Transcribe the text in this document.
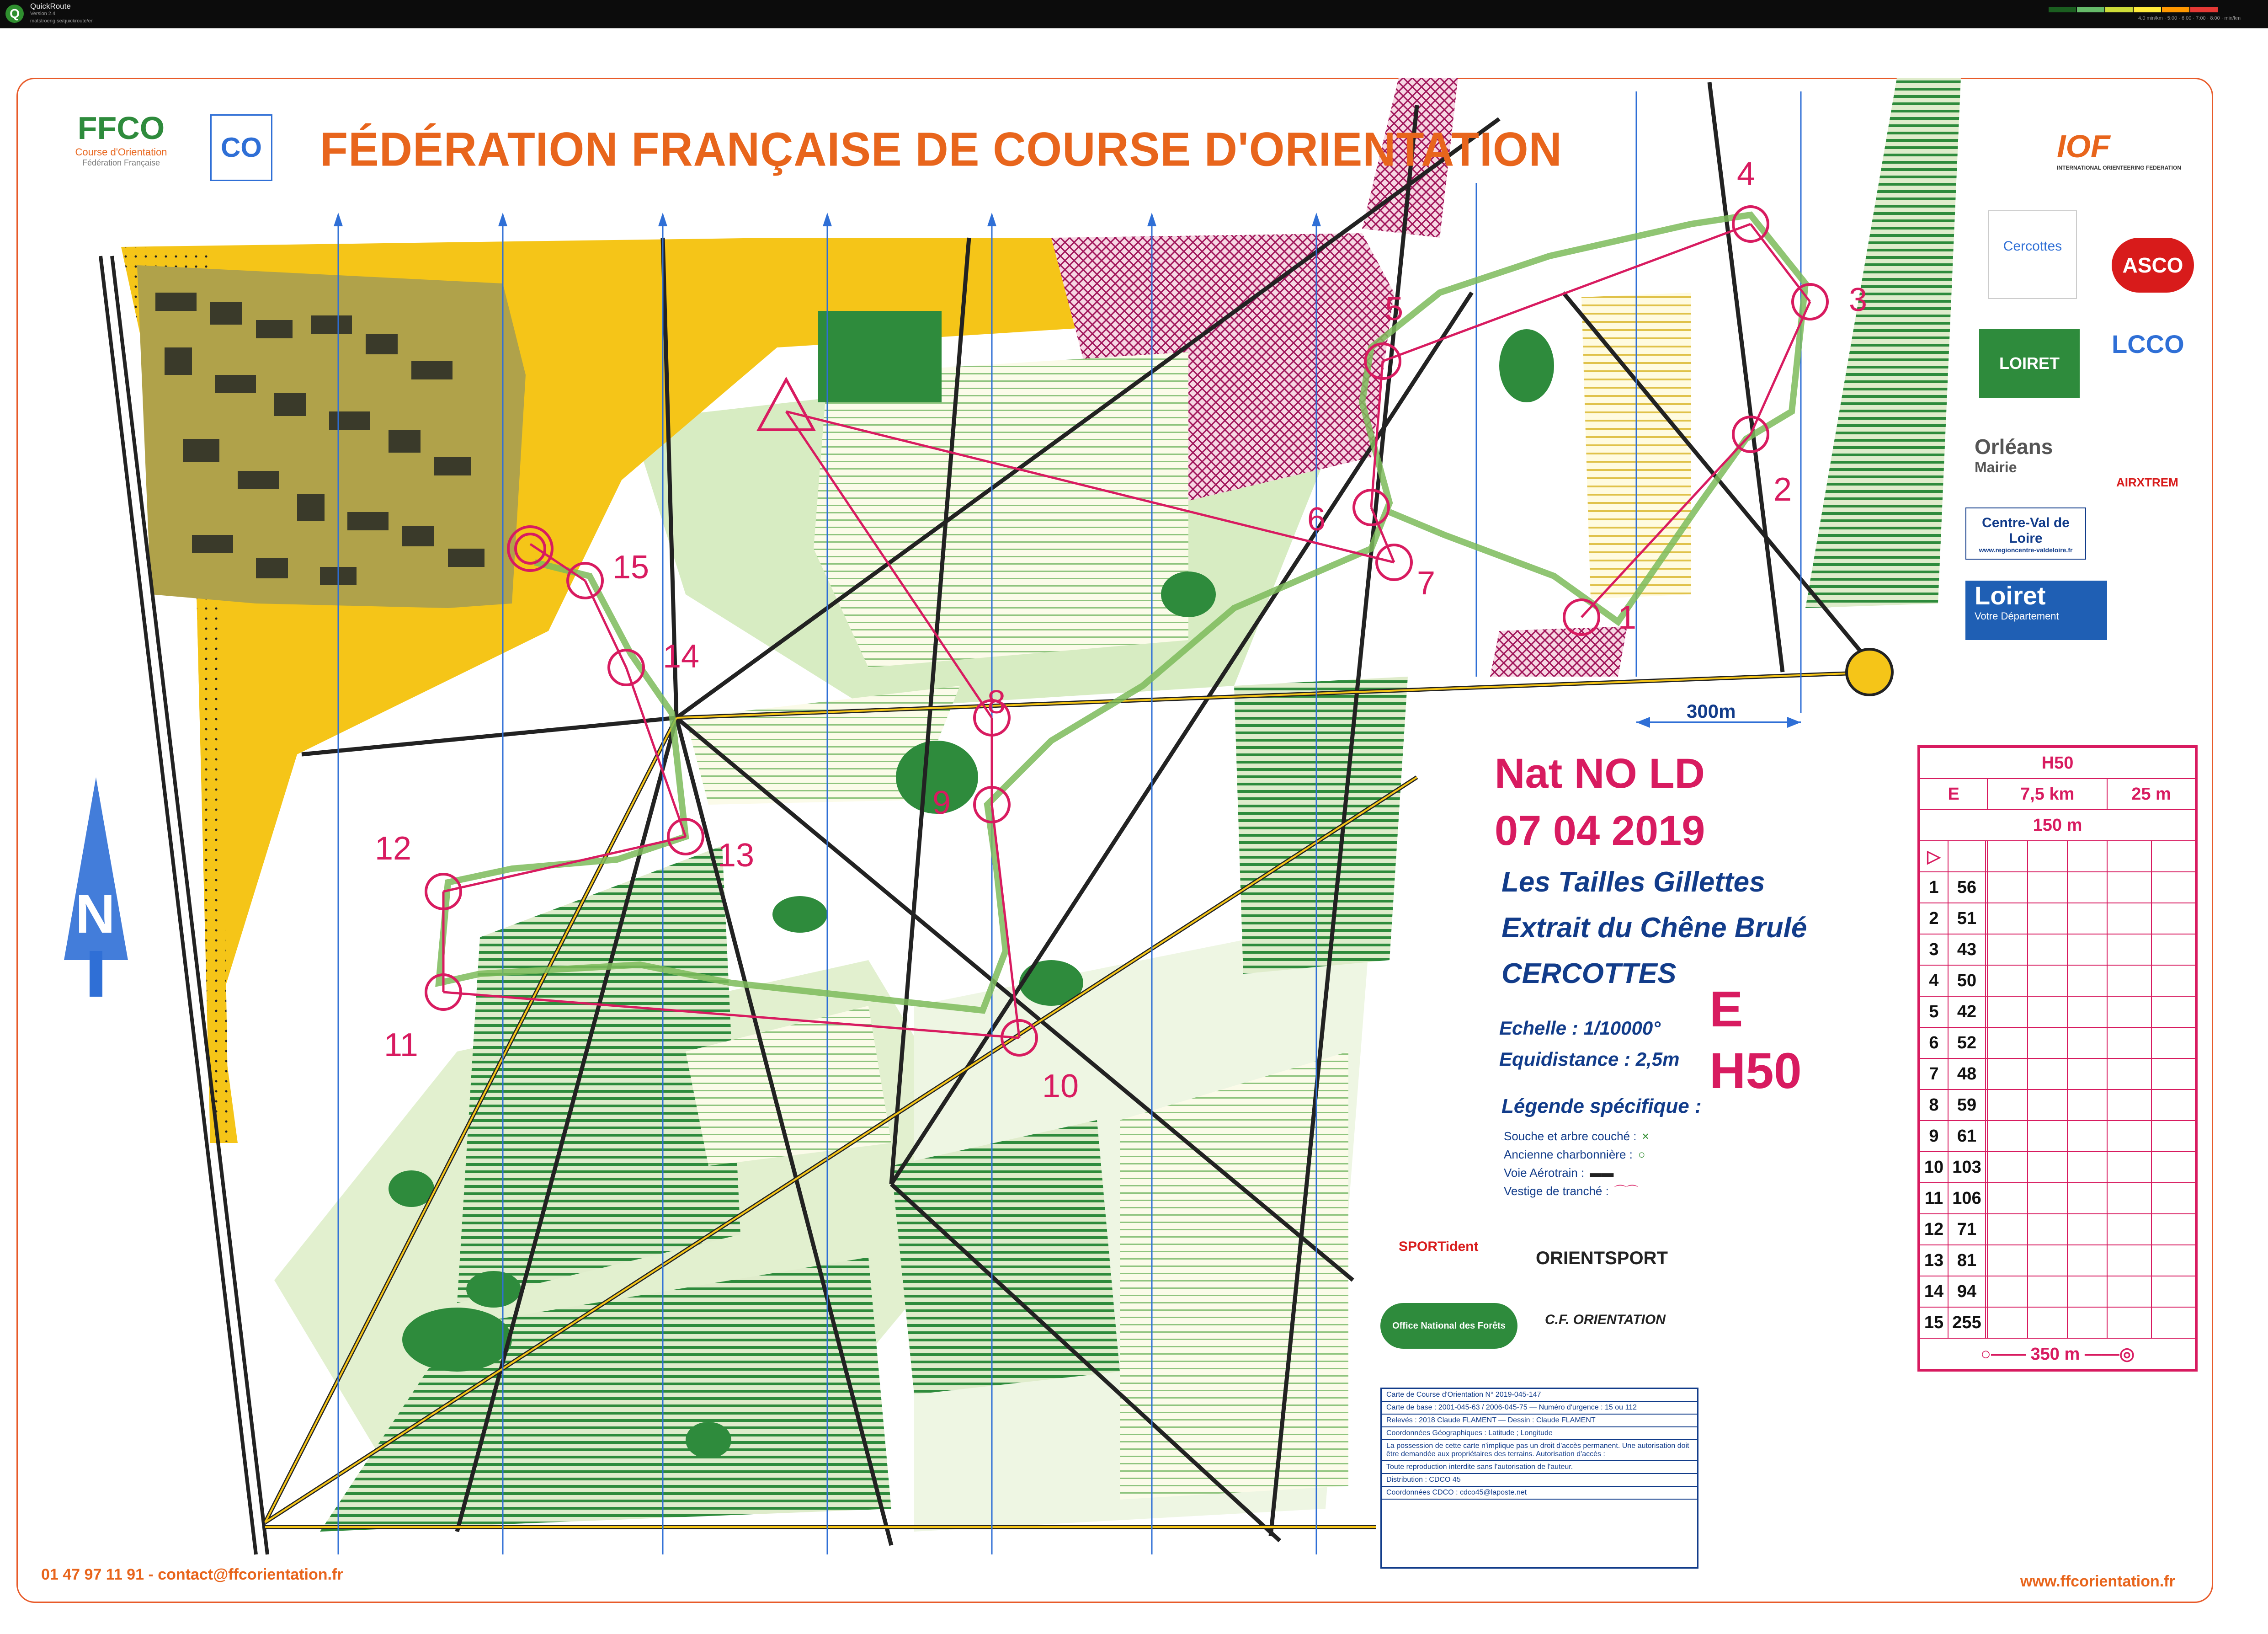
Q
QuickRoute
Version 2.4
matstroeng.se/quickroute/en	4.0 min/km · 5:00 · 6:00 · 7:00 · 8:00 · min/km
1
2
3
4
5
6
7
8
9
10
11
12	13
14
15
N
300m
FFCO
Course d'Orientation
Fédération Française	CO FÉDÉRATION FRANÇAISE DE COURSE D'ORIENTATION	IOF
INTERNATIONAL ORIENTEERING FEDERATION
Cercottes
ASCO
LOIRET
LCCO
Orléans
Mairie
AIRXTREM
Centre-Val de Loire
www.regioncentre-valdeloire.fr
Loiret
Votre Département
Nat NO LD
07 04 2019
Les Tailles Gillettes
Extrait du Chêne Brulé
CERCOTTES
E
H50
Echelle : 1/10000°
Equidistance : 2,5m
Légende spécifique :
Souche et arbre couché : ×
Ancienne charbonnière : ○
Voie Aérotrain : ▬▬
Vestige de tranché : ⌒⌒
H50							
E			7,5 km			25 m	
150 m							
▷							
1	56						
2	51						
3	43						
4	50						
5	42						
6	52						
7	48						
8	59						
9	61						
10	103						
11	106						
12	71						
13	81						
14	94						
15	255						
○—— 350 m ——◎							
SPORTident
ORIENTSPORT
Office National des Forêts	C.F. ORIENTATION
Carte de Course d'Orientation N° 2019-045-147
Carte de base : 2001-045-63 / 2006-045-75 — Numéro d'urgence : 15 ou 112
Relevés : 2018 Claude FLAMENT — Dessin : Claude FLAMENT
Coordonnées Géographiques : Latitude ; Longitude
La possession de cette carte n'implique pas un droit d'accès permanent. Une autorisation doit être demandée aux propriétaires des terrains. Autorisation d'accès :
Toute reproduction interdite sans l'autorisation de l'auteur.
Distribution : CDCO 45
Coordonnées CDCO : cdco45@laposte.net
01 47 97 11 91 - contact@ffcorientation.fr	www.ffcorientation.fr
